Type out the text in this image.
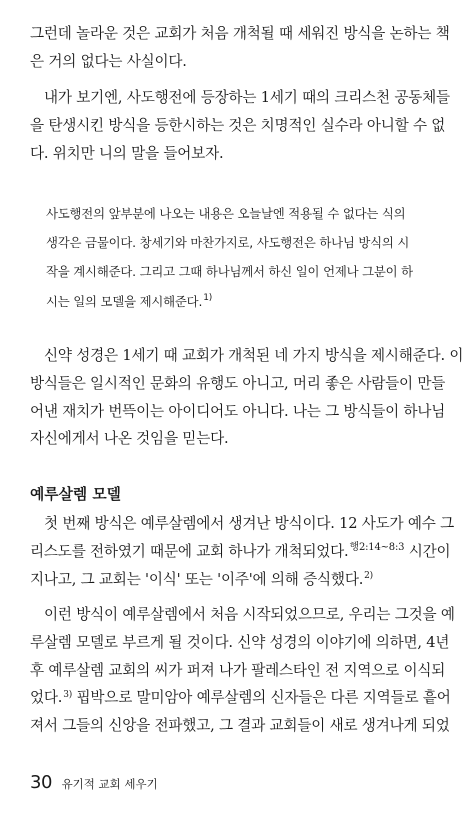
그런데 놀라운 것은 교회가 처음 개척될 때 세워진 방식을 논하는 책
은 거의 없다는 사실이다.
내가 보기엔, 사도행전에 등장하는 1세기 때의 크리스천 공동체들
을 탄생시킨 방식을 등한시하는 것은 치명적인 실수라 아니할 수 없
다. 위치만 니의 말을 들어보자.
사도행전의 앞부분에 나오는 내용은 오늘날엔 적용될 수 없다는 식의
생각은 금물이다. 창세기와 마찬가지로, 사도행전은 하나님 방식의 시
작을 계시해준다. 그리고 그때 하나님께서 하신 일이 언제나 그분이 하
시는 일의 모델을 제시해준다.$^{1)}$
신약 성경은 1세기 때 교회가 개척된 네 가지 방식을 제시해준다. 이
방식들은 일시적인 문화의 유행도 아니고, 머리 좋은 사람들이 만들
어낸 재치가 번뜩이는 아이디어도 아니다. 나는 그 방식들이 하나님
자신에게서 나온 것임을 믿는다.
예루살렘 모델
첫 번째 방식은 예루살렘에서 생겨난 방식이다. 12 사도가 예수 그
리스도를 전하였기 때문에 교회 하나가 개척되었다.$^{행2:14\sim 8:3}$ 시간이
지나고, 그 교회는 '이식' 또는 '이주'에 의해 증식했다.$^{2)}$
이런 방식이 예루살렘에서 처음 시작되었으므로, 우리는 그것을 예
루살렘 모델로 부르게 될 것이다. 신약 성경의 이야기에 의하면, 4년
후 예루살렘 교회의 씨가 퍼져 나가 팔레스타인 전 지역으로 이식되
었다.$^{3)}$ 핍박으로 말미암아 예루살렘의 신자들은 다른 지역들로 흩어
져서 그들의 신앙을 전파했고, 그 결과 교회들이 새로 생겨나게 되었
30 유기적 교회 세우기
